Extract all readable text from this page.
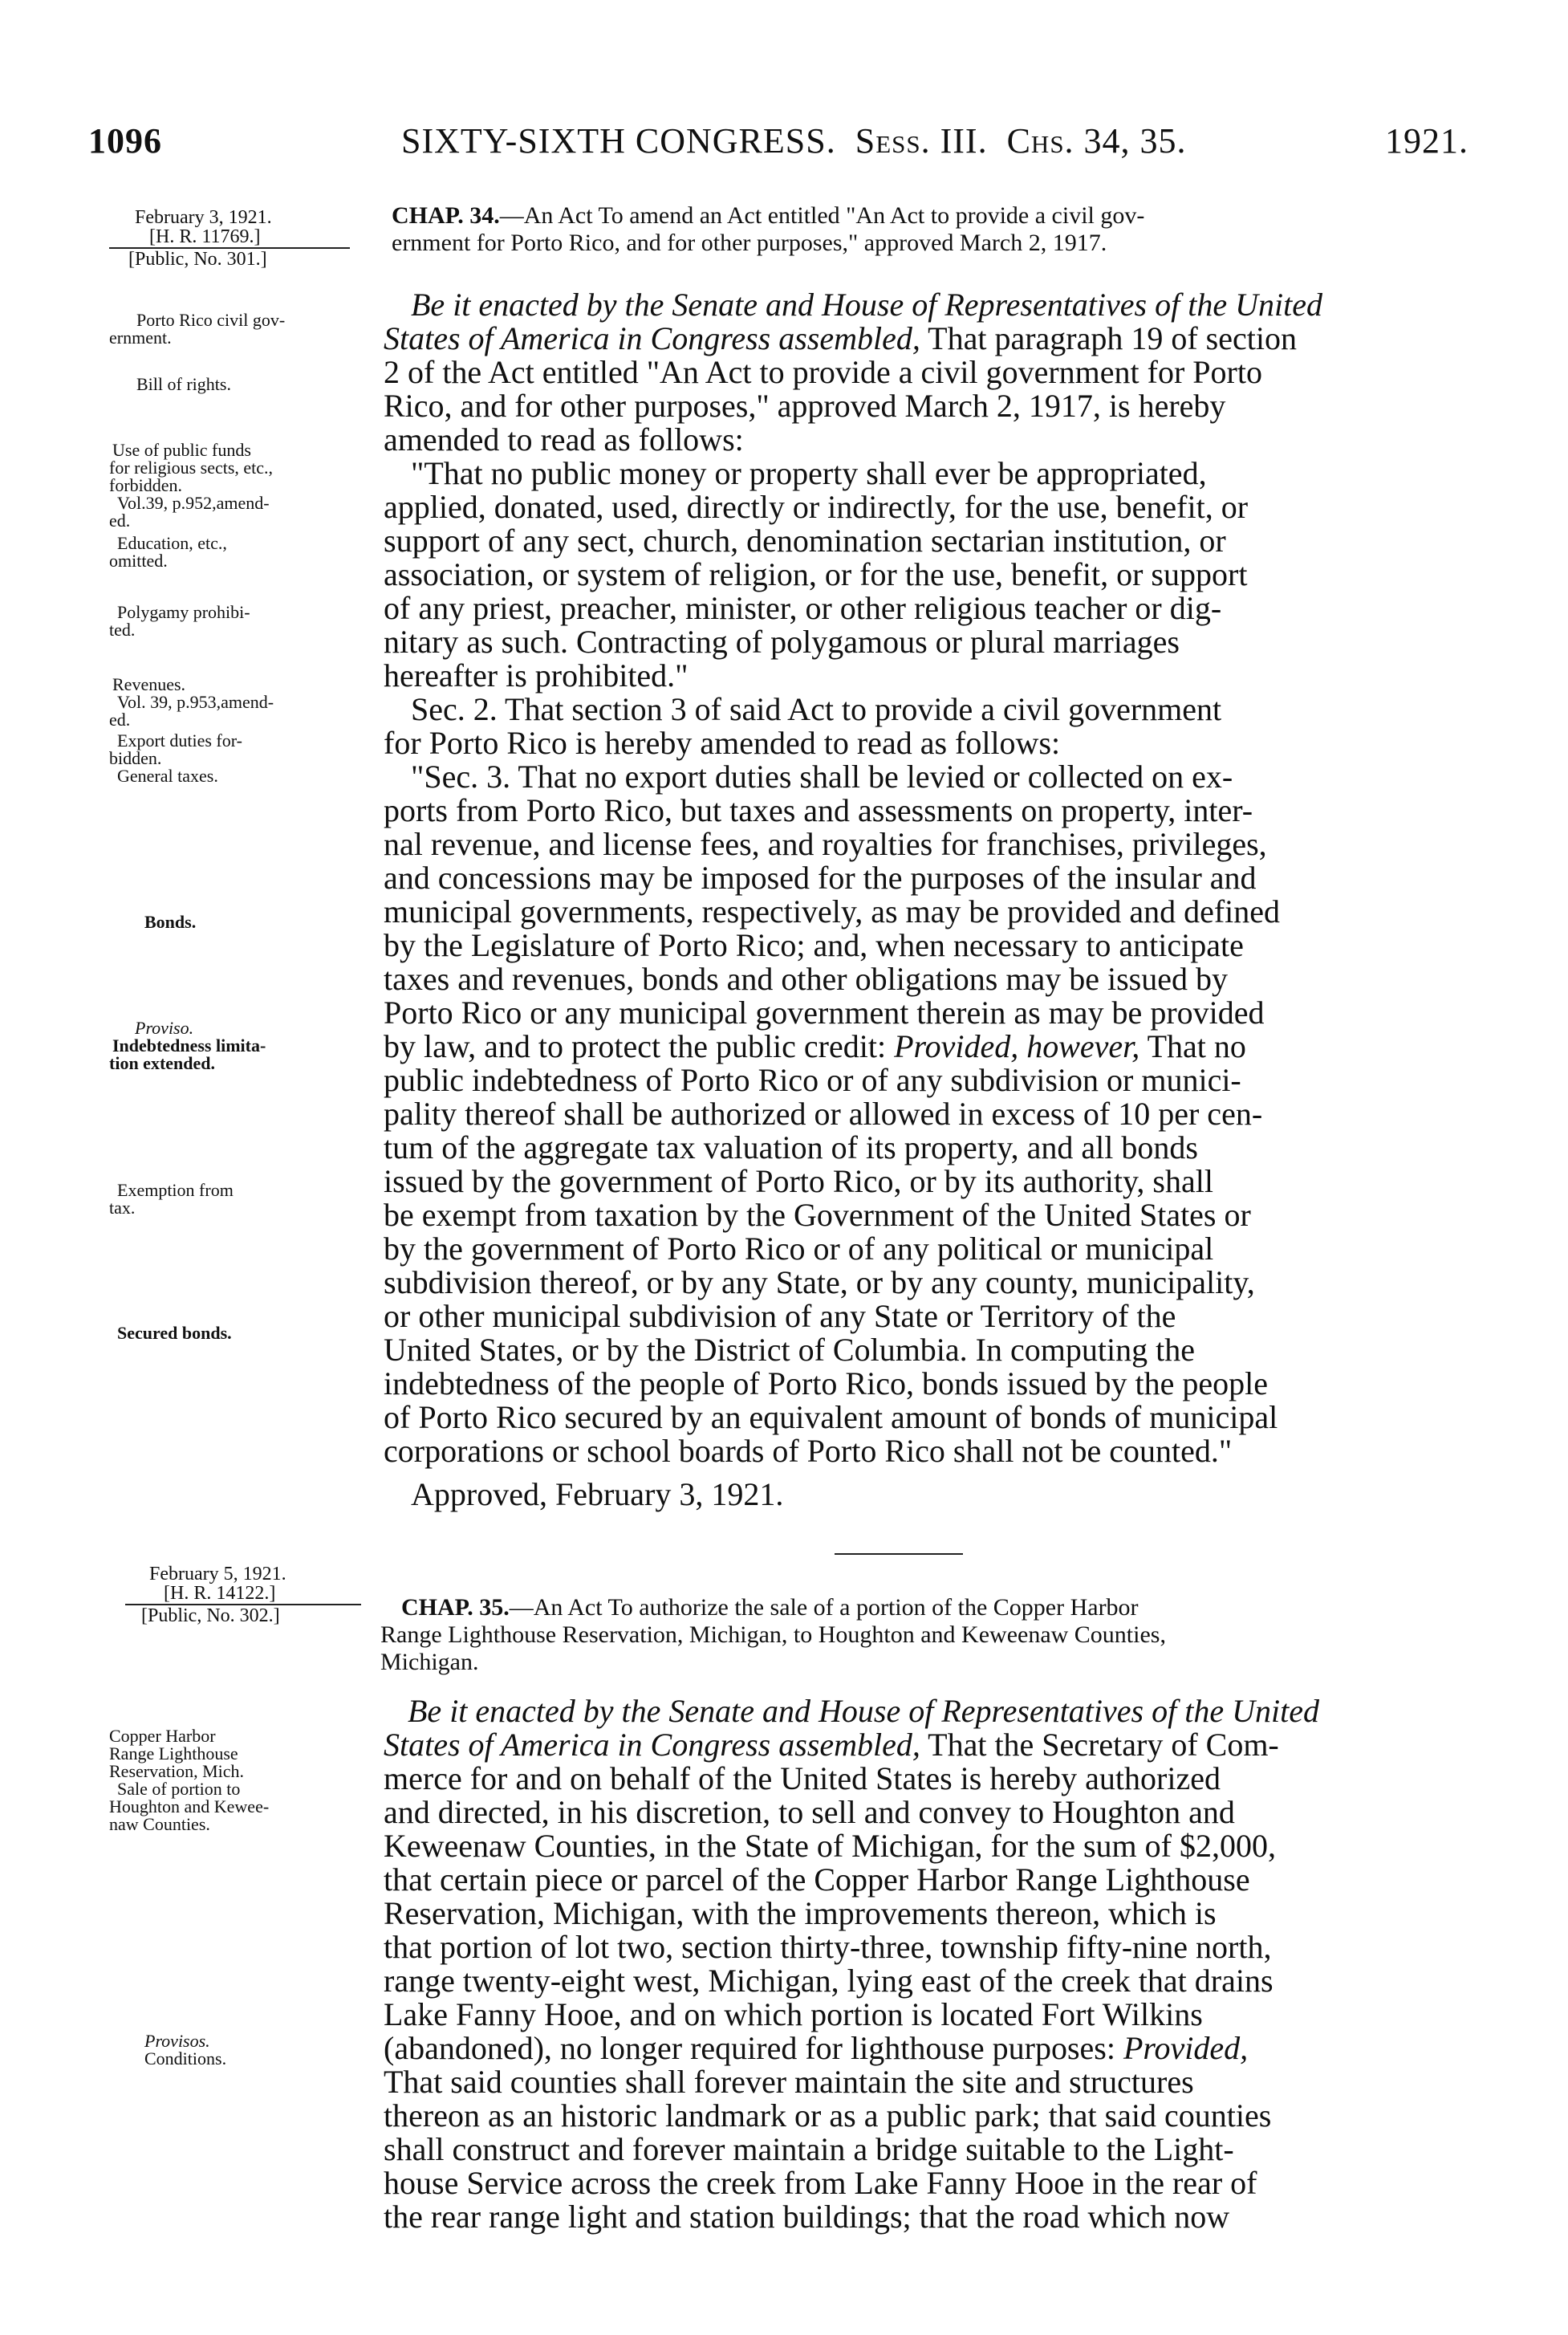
1096	SIXTY-SIXTH CONGRESS. Sess. III. Chs. 34, 35.	1921.
February 3, 1921.
[H. R. 11769.]
[Public, No. 301.]
CHAP. 34.—An Act To amend an Act entitled "An Act to provide a civil gov-
ernment for Porto Rico, and for other purposes," approved March 2, 1917.
Be it enacted by the Senate and House of Representatives of the United
States of America in Congress assembled, That paragraph 19 of section
2 of the Act entitled "An Act to provide a civil government for Porto
Rico, and for other purposes," approved March 2, 1917, is hereby
amended to read as follows:
"That no public money or property shall ever be appropriated,
applied, donated, used, directly or indirectly, for the use, benefit, or
support of any sect, church, denomination sectarian institution, or
association, or system of religion, or for the use, benefit, or support
of any priest, preacher, minister, or other religious teacher or dig-
nitary as such. Contracting of polygamous or plural marriages
hereafter is prohibited."
Sec. 2. That section 3 of said Act to provide a civil government
for Porto Rico is hereby amended to read as follows:
"Sec. 3. That no export duties shall be levied or collected on ex-
ports from Porto Rico, but taxes and assessments on property, inter-
nal revenue, and license fees, and royalties for franchises, privileges,
and concessions may be imposed for the purposes of the insular and
municipal governments, respectively, as may be provided and defined
by the Legislature of Porto Rico; and, when necessary to anticipate
taxes and revenues, bonds and other obligations may be issued by
Porto Rico or any municipal government therein as may be provided
by law, and to protect the public credit: Provided, however, That no
public indebtedness of Porto Rico or of any subdivision or munici-
pality thereof shall be authorized or allowed in excess of 10 per cen-
tum of the aggregate tax valuation of its property, and all bonds
issued by the government of Porto Rico, or by its authority, shall
be exempt from taxation by the Government of the United States or
by the government of Porto Rico or of any political or municipal
subdivision thereof, or by any State, or by any county, municipality,
or other municipal subdivision of any State or Territory of the
United States, or by the District of Columbia. In computing the
indebtedness of the people of Porto Rico, bonds issued by the people
of Porto Rico secured by an equivalent amount of bonds of municipal
corporations or school boards of Porto Rico shall not be counted."
Approved, February 3, 1921.
Porto Rico civil gov-
ernment.
Bill of rights.
Use of public funds
for religious sects, etc.,
forbidden.
Vol.39, p.952,amend-
ed.
Education, etc.,
omitted.
Polygamy prohibi-
ted.
Revenues.
Vol. 39, p.953,amend-
ed.
Export duties for-
bidden.
General taxes.
Bonds.
Proviso.
Indebtedness limita-
tion extended.
Exemption from
tax.
Secured bonds.
February 5, 1921.
[H. R. 14122.]
[Public, No. 302.]	CHAP. 35.—An Act To authorize the sale of a portion of the Copper Harbor
Range Lighthouse Reservation, Michigan, to Houghton and Keweenaw Counties,
Michigan.
Be it enacted by the Senate and House of Representatives of the United
States of America in Congress assembled, That the Secretary of Com-
merce for and on behalf of the United States is hereby authorized
and directed, in his discretion, to sell and convey to Houghton and
Keweenaw Counties, in the State of Michigan, for the sum of $2,000,
that certain piece or parcel of the Copper Harbor Range Lighthouse
Reservation, Michigan, with the improvements thereon, which is
that portion of lot two, section thirty-three, township fifty-nine north,
range twenty-eight west, Michigan, lying east of the creek that drains
Lake Fanny Hooe, and on which portion is located Fort Wilkins
(abandoned), no longer required for lighthouse purposes: Provided,
That said counties shall forever maintain the site and structures
thereon as an historic landmark or as a public park; that said counties
shall construct and forever maintain a bridge suitable to the Light-
house Service across the creek from Lake Fanny Hooe in the rear of
the rear range light and station buildings; that the road which now
Copper Harbor
Range Lighthouse
Reservation, Mich.
Sale of portion to
Houghton and Kewee-
naw Counties.
Provisos.
Conditions.
